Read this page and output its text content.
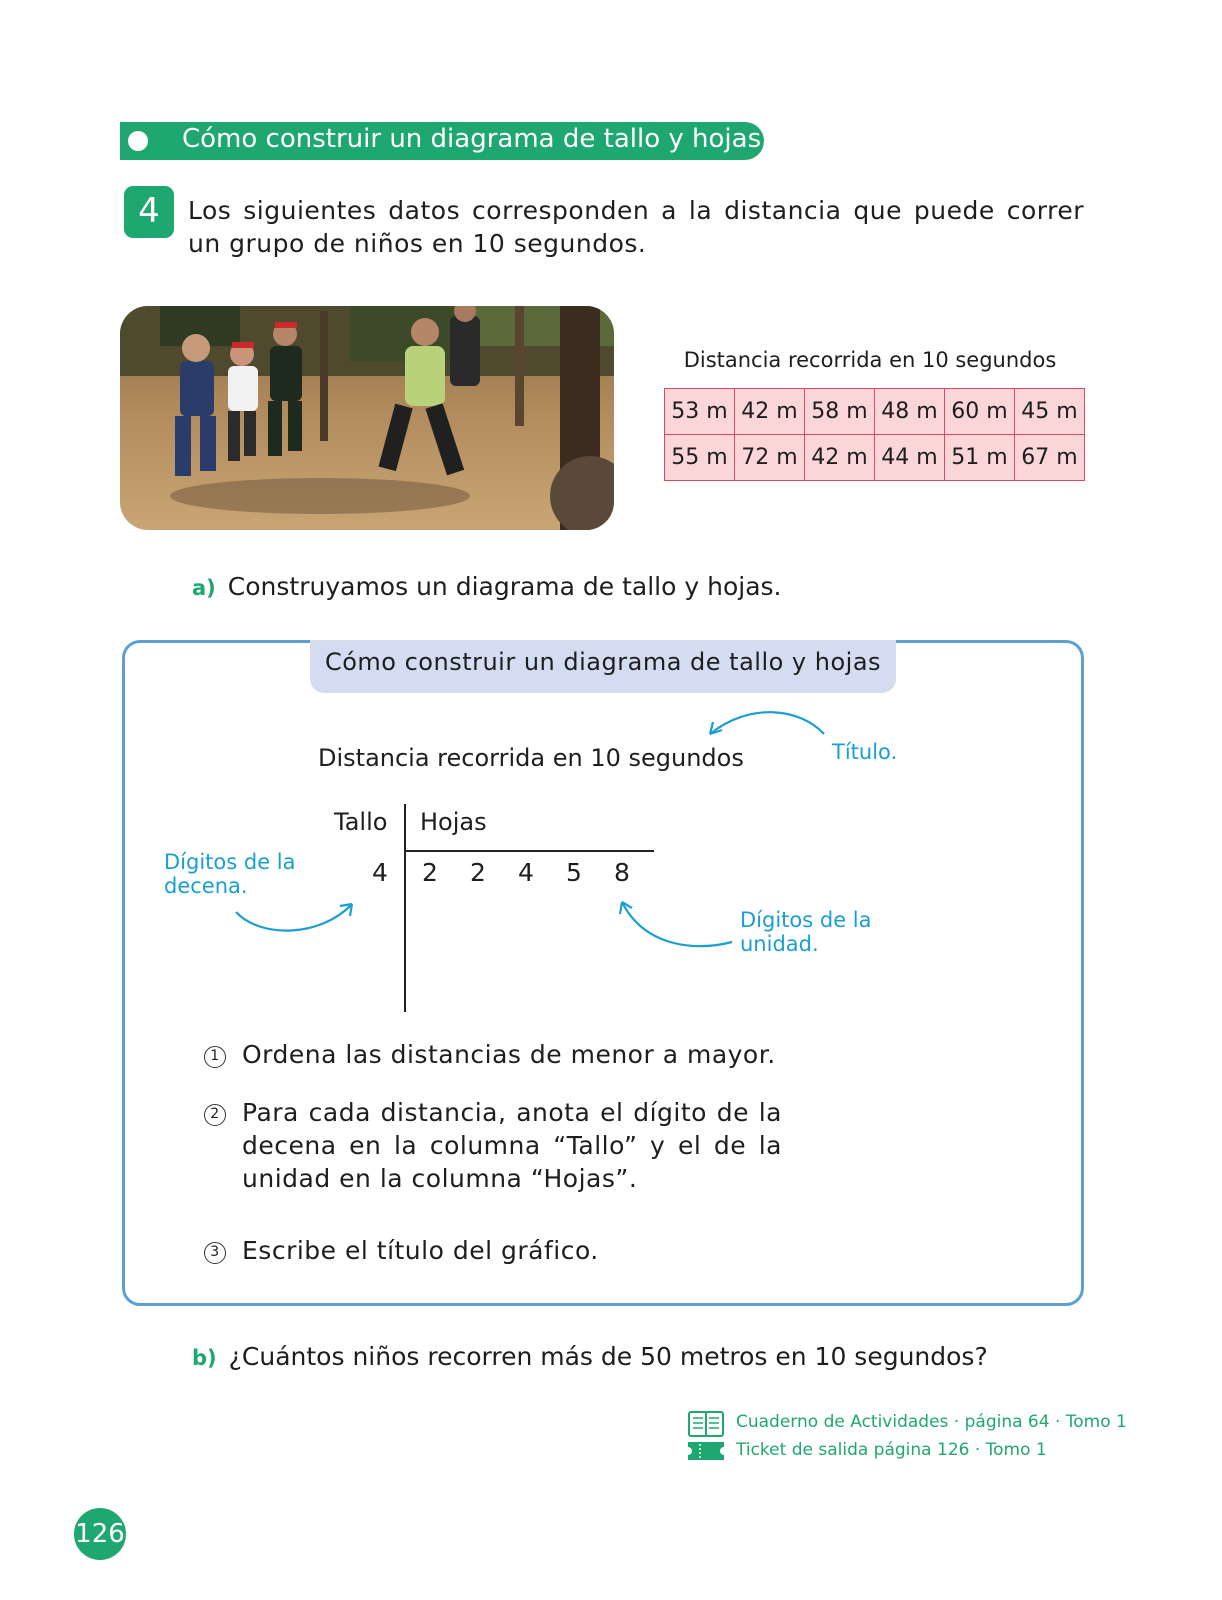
Cómo construir un diagrama de tallo y hojas
4	Los siguientes datos corresponden a la distancia que puede correr un grupo de niños en 10 segundos.
Distancia recorrida en 10 segundos
53 m	42 m	58 m	48 m	60 m	45 m
55 m	72 m	42 m	44 m	51 m	67 m
a) Construyamos un diagrama de tallo y hojas.
Cómo construir un diagrama de tallo y hojas
Distancia recorrida en 10 segundos	Título.
Dígitos de la decena.
Dígitos de la unidad.
Tallo Hojas
4 2 2 4 5 8
1 Ordena las distancias de menor a mayor.
2 Para cada distancia, anota el dígito de la decena en la columna “Tallo” y el de la unidad en la columna “Hojas”.
3 Escribe el título del gráfico.
b) ¿Cuántos niños recorren más de 50 metros en 10 segundos?
Cuaderno de Actividades · página 64 · Tomo 1
Ticket de salida página 126 · Tomo 1
126
